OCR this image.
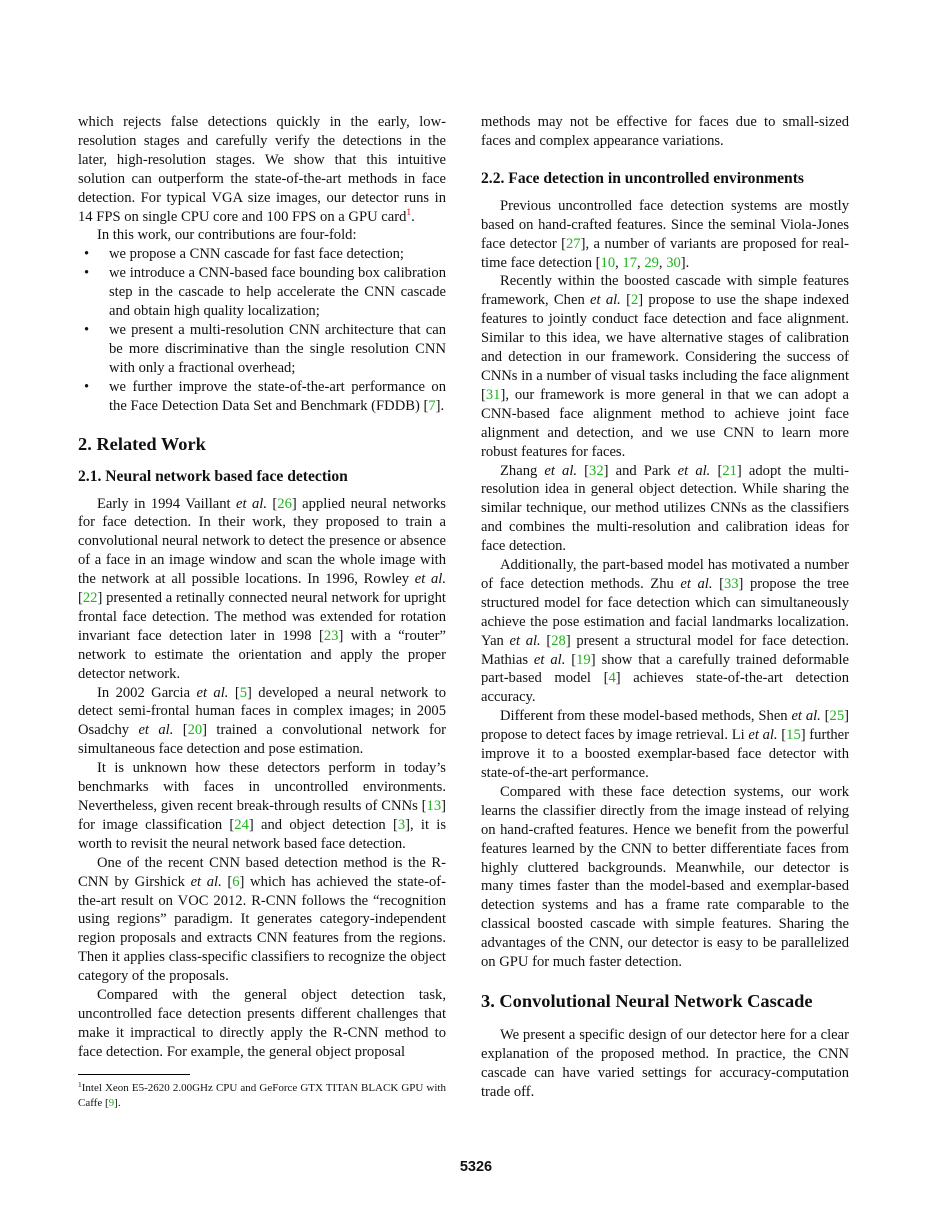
which rejects false detections quickly in the early, low-resolution stages and carefully verify the detections in the later, high-resolution stages. We show that this intuitive solution can outperform the state-of-the-art methods in face detection. For typical VGA size images, our detector runs in 14 FPS on single CPU core and 100 FPS on a GPU card$^1$.

In this work, our contributions are four-fold:

• we propose a CNN cascade for fast face detection;
• we introduce a CNN-based face bounding box calibration step in the cascade to help accelerate the CNN cascade and obtain high quality localization;
• we present a multi-resolution CNN architecture that can be more discriminative than the single resolution CNN with only a fractional overhead;
• we further improve the state-of-the-art performance on the Face Detection Data Set and Benchmark (FDDB) [7].
2. Related Work
2.1. Neural network based face detection

Early in 1994 Vaillant et al. [26] applied neural networks for face detection. In their work, they proposed to train a convolutional neural network to detect the presence or absence of a face in an image window and scan the whole image with the network at all possible locations. In 1996, Rowley et al. [22] presented a retinally connected neural network for upright frontal face detection. The method was extended for rotation invariant face detection later in 1998 [23] with a “router” network to estimate the orientation and apply the proper detector network.

In 2002 Garcia et al. [5] developed a neural network to detect semi-frontal human faces in complex images; in 2005 Osadchy et al. [20] trained a convolutional network for simultaneous face detection and pose estimation.

It is unknown how these detectors perform in today’s benchmarks with faces in uncontrolled environments. Nevertheless, given recent break-through results of CNNs [13] for image classification [24] and object detection [3], it is worth to revisit the neural network based face detection.

One of the recent CNN based detection method is the R-CNN by Girshick et al. [6] which has achieved the state-of-the-art result on VOC 2012. R-CNN follows the “recognition using regions” paradigm. It generates category-independent region proposals and extracts CNN features from the regions. Then it applies class-specific classifiers to recognize the object category of the proposals.

Compared with the general object detection task, uncontrolled face detection presents different challenges that make it impractical to directly apply the R-CNN method to face detection. For example, the general object proposal

$^1$Intel Xeon E5-2620 2.00GHz CPU and GeForce GTX TITAN BLACK GPU with Caffe [9].

methods may not be effective for faces due to small-sized faces and complex appearance variations.

2.2. Face detection in uncontrolled environments

Previous uncontrolled face detection systems are mostly based on hand-crafted features. Since the seminal Viola-Jones face detector [27], a number of variants are proposed for real-time face detection [10, 17, 29, 30].

Recently within the boosted cascade with simple features framework, Chen et al. [2] propose to use the shape indexed features to jointly conduct face detection and face alignment. Similar to this idea, we have alternative stages of calibration and detection in our framework. Considering the success of CNNs in a number of visual tasks including the face alignment [31], our framework is more general in that we can adopt a CNN-based face alignment method to achieve joint face alignment and detection, and we use CNN to learn more robust features for faces.

Zhang et al. [32] and Park et al. [21] adopt the multi-resolution idea in general object detection. While sharing the similar technique, our method utilizes CNNs as the classifiers and combines the multi-resolution and calibration ideas for face detection.

Additionally, the part-based model has motivated a number of face detection methods. Zhu et al. [33] propose the tree structured model for face detection which can simultaneously achieve the pose estimation and facial landmarks localization. Yan et al. [28] present a structural model for face detection. Mathias et al. [19] show that a carefully trained deformable part-based model [4] achieves state-of-the-art detection accuracy.

Different from these model-based methods, Shen et al. [25] propose to detect faces by image retrieval. Li et al. [15] further improve it to a boosted exemplar-based face detector with state-of-the-art performance.

Compared with these face detection systems, our work learns the classifier directly from the image instead of relying on hand-crafted features. Hence we benefit from the powerful features learned by the CNN to better differentiate faces from highly cluttered backgrounds. Meanwhile, our detector is many times faster than the model-based and exemplar-based detection systems and has a frame rate comparable to the classical boosted cascade with simple features. Sharing the advantages of the CNN, our detector is easy to be parallelized on GPU for much faster detection.

3. Convolutional Neural Network Cascade

We present a specific design of our detector here for a clear explanation of the proposed method. In practice, the CNN cascade can have varied settings for accuracy-computation trade off.

5326
